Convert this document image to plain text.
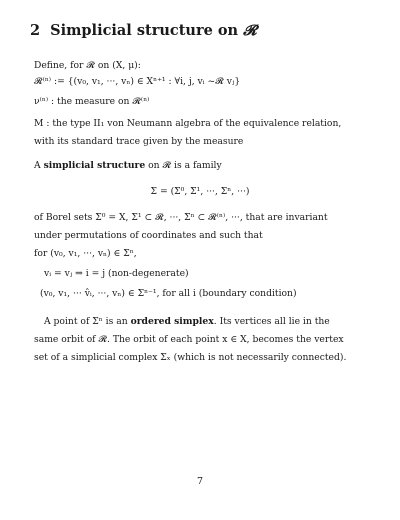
2 Simplicial structure on 𝓡
Define, for 𝓡 on (X, μ):
𝓡⁽ⁿ⁾ := {(v₀, v₁, ···, vₙ) ∈ Xⁿ⁺¹ : ∀i, j, vᵢ ~𝓡 vⱼ}
ν⁽ⁿ⁾ : the measure on 𝓡⁽ⁿ⁾
M : the type II₁ von Neumann algebra of the equivalence relation,
with its standard trace given by the measure
A simplicial structure on 𝓡 is a family
Σ = (Σ⁰, Σ¹, ···, Σⁿ, ···)
of Borel sets Σ⁰ = X, Σ¹ ⊂ 𝓡, ···, Σⁿ ⊂ 𝓡⁽ⁿ⁾, ···, that are invariant
under permutations of coordinates and such that
for (v₀, v₁, ···, vₙ) ∈ Σⁿ,
vᵢ = vⱼ ⇒ i = j (non-degenerate)
(v₀, v₁, ··· v̂ᵢ, ···, vₙ) ∈ Σⁿ⁻¹, for all i (boundary condition)
A point of Σⁿ is an ordered simplex. Its vertices all lie in the
same orbit of 𝓡. The orbit of each point x ∈ X, becomes the vertex
set of a simplicial complex Σₓ (which is not necessarily connected).
7
